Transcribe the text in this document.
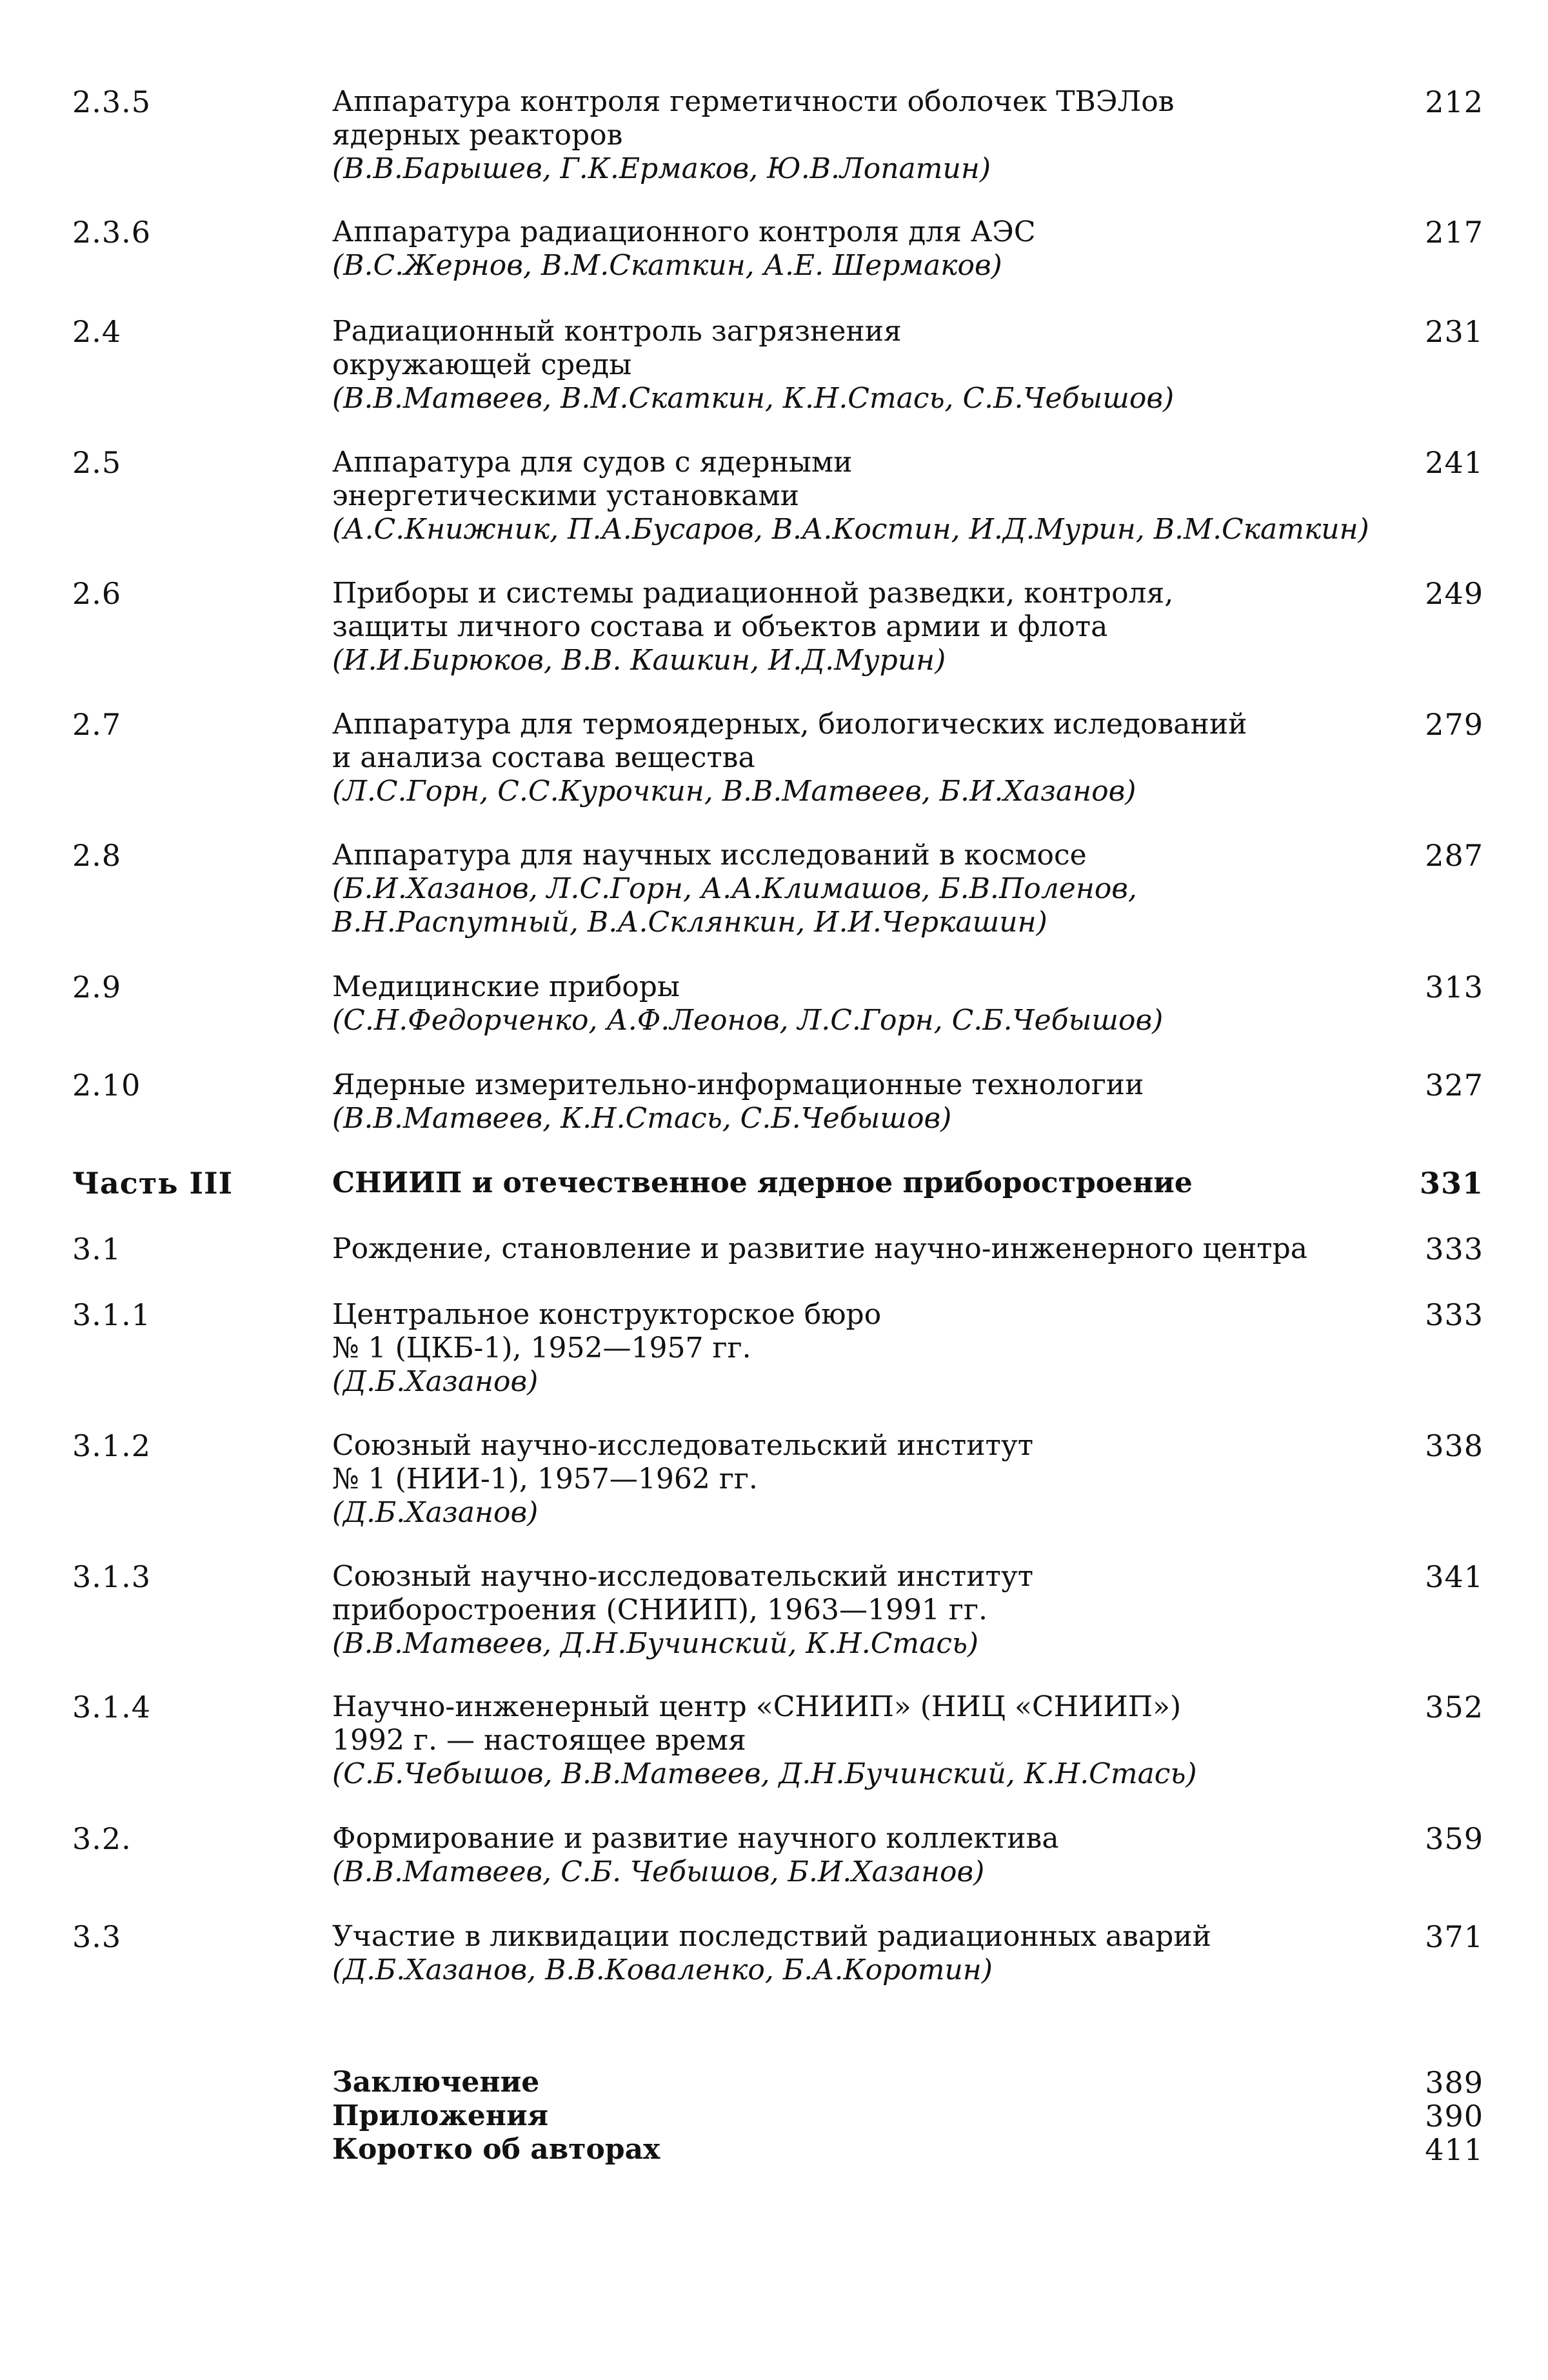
2.3.5	Аппаратура контроля герметичности оболочек ТВЭЛов
ядерных реакторов
(В.В.Барышев, Г.К.Ермаков, Ю.В.Лопатин)
212
2.3.6	Аппаратура радиационного контроля для АЭС
(В.С.Жернов, В.М.Скаткин, А.Е. Шермаков)
217
2.4	Радиационный контроль загрязнения
окружающей среды
(В.В.Матвеев, В.М.Скаткин, К.Н.Стась, С.Б.Чебышов)
231
2.5	Аппаратура для судов с ядерными
энергетическими установками
(А.С.Книжник, П.А.Бусаров, В.А.Костин, И.Д.Мурин, В.М.Скаткин)
241
2.6	Приборы и системы радиационной разведки, контроля,
защиты личного состава и объектов армии и флота
(И.И.Бирюков, В.В. Кашкин, И.Д.Мурин)
249
2.7	Аппаратура для термоядерных, биологических иследований
и анализа состава вещества
(Л.С.Горн, С.С.Курочкин, В.В.Матвеев, Б.И.Хазанов)
279
2.8	Аппаратура для научных исследований в космосе
(Б.И.Хазанов, Л.С.Горн, А.А.Климашов, Б.В.Поленов,
В.Н.Распутный, В.А.Склянкин, И.И.Черкашин)
287
2.9	Медицинские приборы
(С.Н.Федорченко, А.Ф.Леонов, Л.С.Горн, С.Б.Чебышов)
313
2.10	Ядерные измерительно-информационные технологии
(В.В.Матвеев, К.Н.Стась, С.Б.Чебышов)
327
Часть III	СНИИП и отечественное ядерное приборостроение	331
3.1	Рождение, становление и развитие научно-инженерного центра	333
3.1.1	Центральное конструкторское бюро
№ 1 (ЦКБ-1), 1952—1957 гг.
(Д.Б.Хазанов)
333
3.1.2	Союзный научно-исследовательский институт
№ 1 (НИИ-1), 1957—1962 гг.
(Д.Б.Хазанов)
338
3.1.3	Союзный научно-исследовательский институт
приборостроения (СНИИП), 1963—1991 гг.
(В.В.Матвеев, Д.Н.Бучинский, К.Н.Стась)
341
3.1.4	Научно-инженерный центр «СНИИП» (НИЦ «СНИИП»)
1992 г. — настоящее время
(С.Б.Чебышов, В.В.Матвеев, Д.Н.Бучинский, К.Н.Стась)
352
3.2.	Формирование и развитие научного коллектива
(В.В.Матвеев, С.Б. Чебышов, Б.И.Хазанов)
359
3.3	Участие в ликвидации последствий радиационных аварий
(Д.Б.Хазанов, В.В.Коваленко, Б.А.Коротин)
371
Заключение	389
Приложения	390
Коротко об авторах	411
